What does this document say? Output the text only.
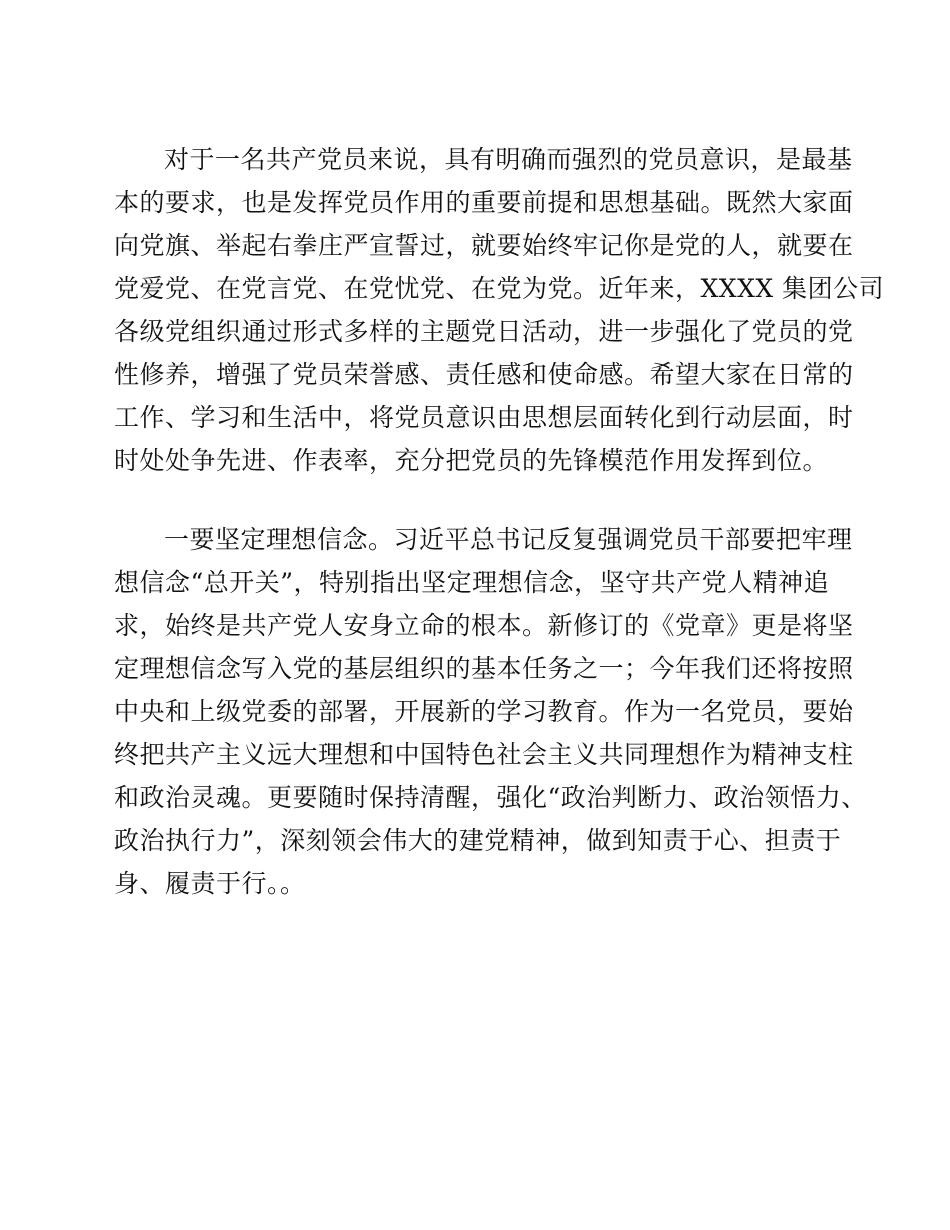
对于一名共产党员来说，具有明确而强烈的党员意识，是最基
本的要求，也是发挥党员作用的重要前提和思想基础。既然大家面
向党旗、举起右拳庄严宣誓过，就要始终牢记你是党的人，就要在
党爱党、在党言党、在党忧党、在党为党。近年来，XXXX 集团公司
各级党组织通过形式多样的主题党日活动，进一步强化了党员的党
性修养，增强了党员荣誉感、责任感和使命感。希望大家在日常的
工作、学习和生活中，将党员意识由思想层面转化到行动层面，时
时处处争先进、作表率，充分把党员的先锋模范作用发挥到位。

一要坚定理想信念。习近平总书记反复强调党员干部要把牢理
想信念“总开关”，特别指出坚定理想信念，坚守共产党人精神追
求，始终是共产党人安身立命的根本。新修订的《党章》更是将坚
定理想信念写入党的基层组织的基本任务之一；今年我们还将按照
中央和上级党委的部署，开展新的学习教育。作为一名党员，要始
终把共产主义远大理想和中国特色社会主义共同理想作为精神支柱
和政治灵魂。更要随时保持清醒，强化“政治判断力、政治领悟力、
政治执行力”，深刻领会伟大的建党精神，做到知责于心、担责于
身、履责于行。。
